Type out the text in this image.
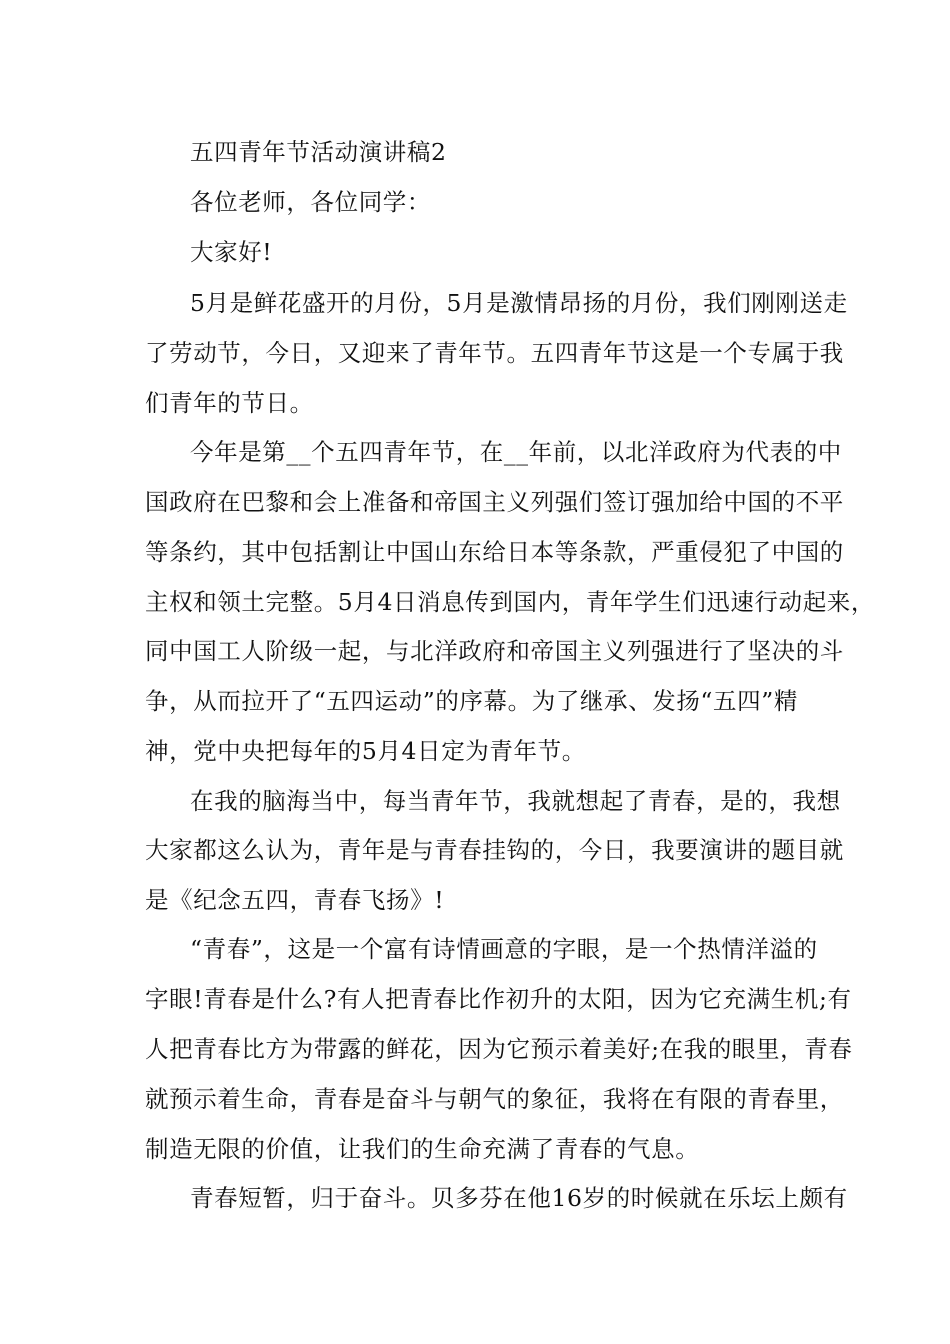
五四青年节活动演讲稿2
各位老师，各位同学：
大家好!
5月是鲜花盛开的月份，5月是激情昂扬的月份，我们刚刚送走
了劳动节，今日，又迎来了青年节。五四青年节这是一个专属于我
们青年的节日。
今年是第__个五四青年节，在__年前，以北洋政府为代表的中
国政府在巴黎和会上准备和帝国主义列强们签订强加给中国的不平
等条约，其中包括割让中国山东给日本等条款，严重侵犯了中国的
主权和领土完整。5月4日消息传到国内，青年学生们迅速行动起来，
同中国工人阶级一起，与北洋政府和帝国主义列强进行了坚决的斗
争，从而拉开了“五四运动”的序幕。为了继承、发扬“五四”精
神，党中央把每年的5月4日定为青年节。
在我的脑海当中，每当青年节，我就想起了青春，是的，我想
大家都这么认为，青年是与青春挂钩的，今日，我要演讲的题目就
是《纪念五四，青春飞扬》!
“青春”，这是一个富有诗情画意的字眼，是一个热情洋溢的
字眼!青春是什么?有人把青春比作初升的太阳，因为它充满生机;有
人把青春比方为带露的鲜花，因为它预示着美好;在我的眼里，青春
就预示着生命，青春是奋斗与朝气的象征，我将在有限的青春里，
制造无限的价值，让我们的生命充满了青春的气息。
青春短暂，归于奋斗。贝多芬在他16岁的时候就在乐坛上颇有
